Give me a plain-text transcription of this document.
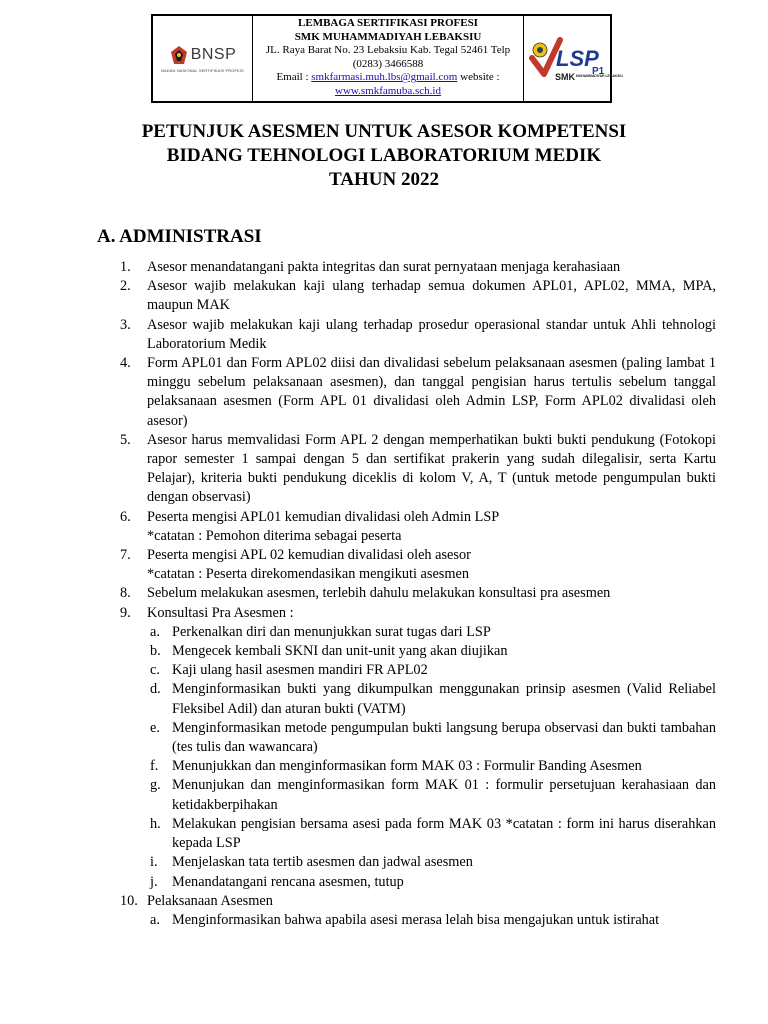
BNSP
BADAN NASIONAL SERTIFIKASI PROFESI
LEMBAGA SERTIFIKASI PROFESI
SMK MUHAMMADIYAH LEBAKSIU
JL. Raya Barat No. 23 Lebaksiu Kab. Tegal 52461 Telp
(0283) 3466588
Email : smkfarmasi.muh.lbs@gmail.com website :
www.smkfamuba.sch.id
LSP
P1
SMK MUHAMMADIYAH LEBAKSIU
PETUNJUK ASESMEN UNTUK ASESOR KOMPETENSI
BIDANG TEHNOLOGI LABORATORIUM MEDIK
TAHUN 2022
A. ADMINISTRASI
1. Asesor menandatangani pakta integritas dan surat pernyataan menjaga kerahasiaan
2. Asesor wajib melakukan kaji ulang terhadap semua dokumen APL01, APL02, MMA, MPA, maupun MAK
3. Asesor wajib melakukan kaji ulang terhadap prosedur operasional standar untuk Ahli tehnologi Laboratorium Medik
4. Form APL01 dan Form APL02 diisi dan divalidasi sebelum pelaksanaan asesmen (paling lambat 1 minggu sebelum pelaksanaan asesmen), dan tanggal pengisian harus tertulis sebelum tanggal pelaksanaan asesmen (Form APL 01 divalidasi oleh Admin LSP, Form APL02 divalidasi oleh asesor)
5. Asesor harus memvalidasi Form APL 2 dengan memperhatikan bukti bukti pendukung (Fotokopi rapor semester 1 sampai dengan 5 dan sertifikat prakerin yang sudah dilegalisir, serta Kartu Pelajar), kriteria bukti pendukung diceklis di kolom V, A, T (untuk metode pengumpulan bukti dengan observasi)
6. Peserta mengisi APL01 kemudian divalidasi oleh Admin LSP
*catatan : Pemohon diterima sebagai peserta
7. Peserta mengisi APL 02 kemudian divalidasi oleh asesor
*catatan : Peserta direkomendasikan mengikuti asesmen
8. Sebelum melakukan asesmen, terlebih dahulu melakukan konsultasi pra asesmen
9. Konsultasi Pra Asesmen :
a. Perkenalkan diri dan menunjukkan surat tugas dari LSP
b. Mengecek kembali SKNI dan unit-unit yang akan diujikan
c. Kaji ulang hasil asesmen mandiri FR APL02
d. Menginformasikan bukti yang dikumpulkan menggunakan prinsip asesmen (Valid Reliabel Fleksibel Adil) dan aturan bukti (VATM)
e. Menginformasikan metode pengumpulan bukti langsung berupa observasi dan bukti tambahan (tes tulis dan wawancara)
f. Menunjukkan dan menginformasikan form MAK 03 : Formulir Banding Asesmen
g. Menunjukan dan menginformasikan form MAK 01 : formulir persetujuan kerahasiaan dan ketidakberpihakan
h. Melakukan pengisian bersama asesi pada form MAK 03 *catatan : form ini harus diserahkan kepada LSP
i. Menjelaskan tata tertib asesmen dan jadwal asesmen
j. Menandatangani rencana asesmen, tutup
10. Pelaksanaan Asesmen
a. Menginformasikan bahwa apabila asesi merasa lelah bisa mengajukan untuk istirahat
